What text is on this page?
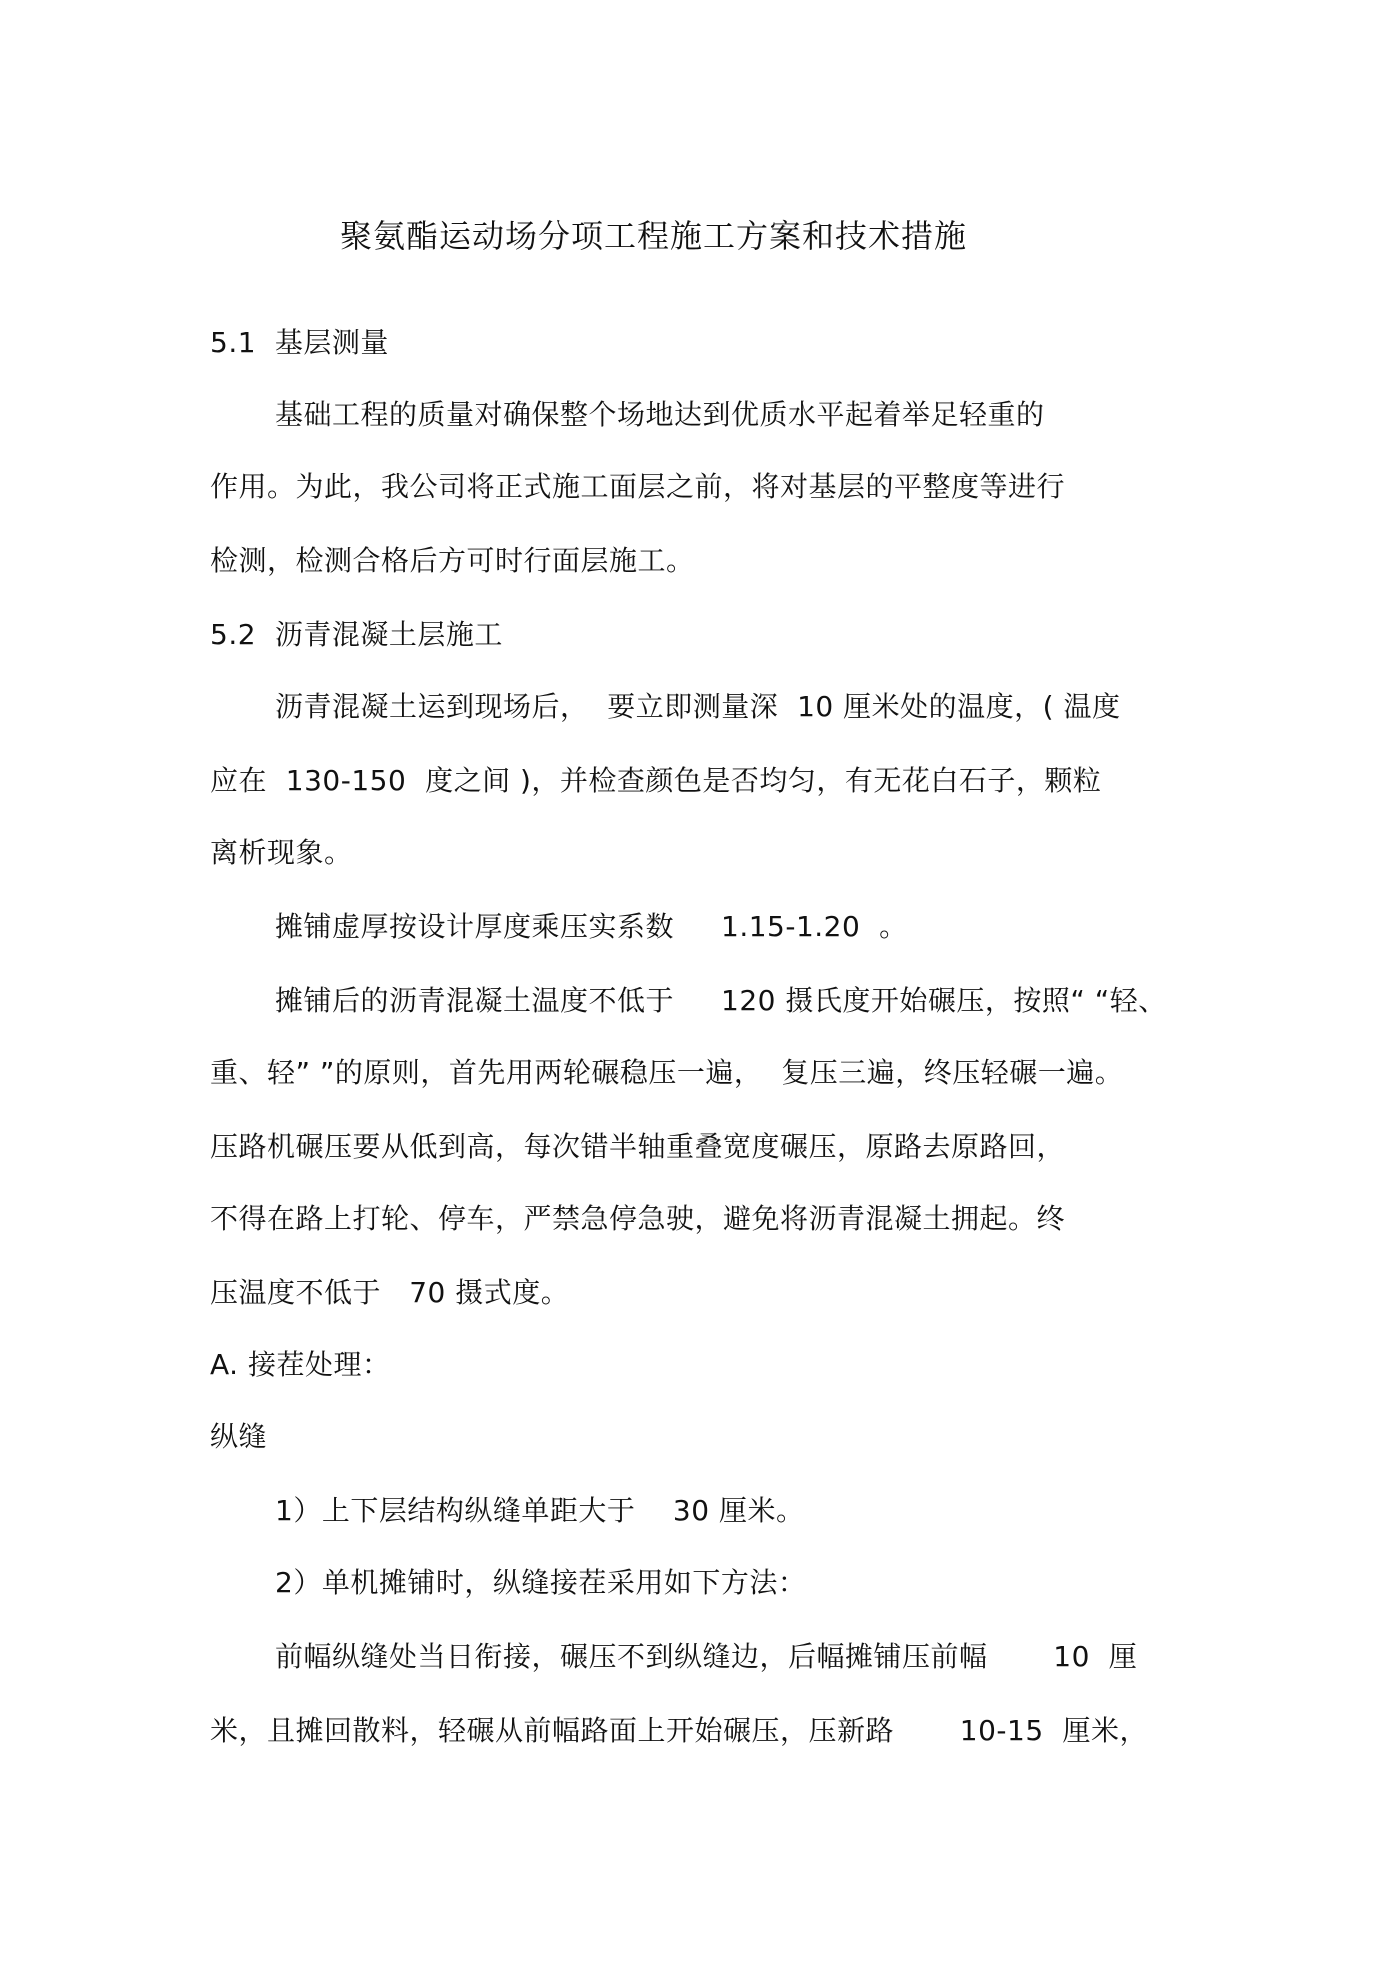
聚氨酯运动场分项工程施工方案和技术措施
5.1  基层测量
基础工程的质量对确保整个场地达到优质水平起着举足轻重的
作用。为此，我公司将正式施工面层之前，将对基层的平整度等进行
检测，检测合格后方可时行面层施工。
5.2  沥青混凝土层施工
沥青混凝土运到现场后，  要立即测量深  10 厘米处的温度，( 温度
应在  130-150  度之间 )，并检查颜色是否均匀，有无花白石子，颗粒
离析现象。
摊铺虚厚按设计厚度乘压实系数     1.15-1.20  。
摊铺后的沥青混凝土温度不低于     120 摄氏度开始碾压，按照“ “轻、
重、轻” ”的原则，首先用两轮碾稳压一遍，  复压三遍，终压轻碾一遍。
压路机碾压要从低到高，每次错半轴重叠宽度碾压，原路去原路回，
不得在路上打轮、停车，严禁急停急驶，避免将沥青混凝土拥起。终
压温度不低于   70 摄式度。
A. 接茬处理：
纵缝
1）上下层结构纵缝单距大于    30 厘米。
2）单机摊铺时，纵缝接茬采用如下方法：
前幅纵缝处当日衔接，碾压不到纵缝边，后幅摊铺压前幅       10  厘
米，且摊回散料，轻碾从前幅路面上开始碾压，压新路       10-15  厘米，
